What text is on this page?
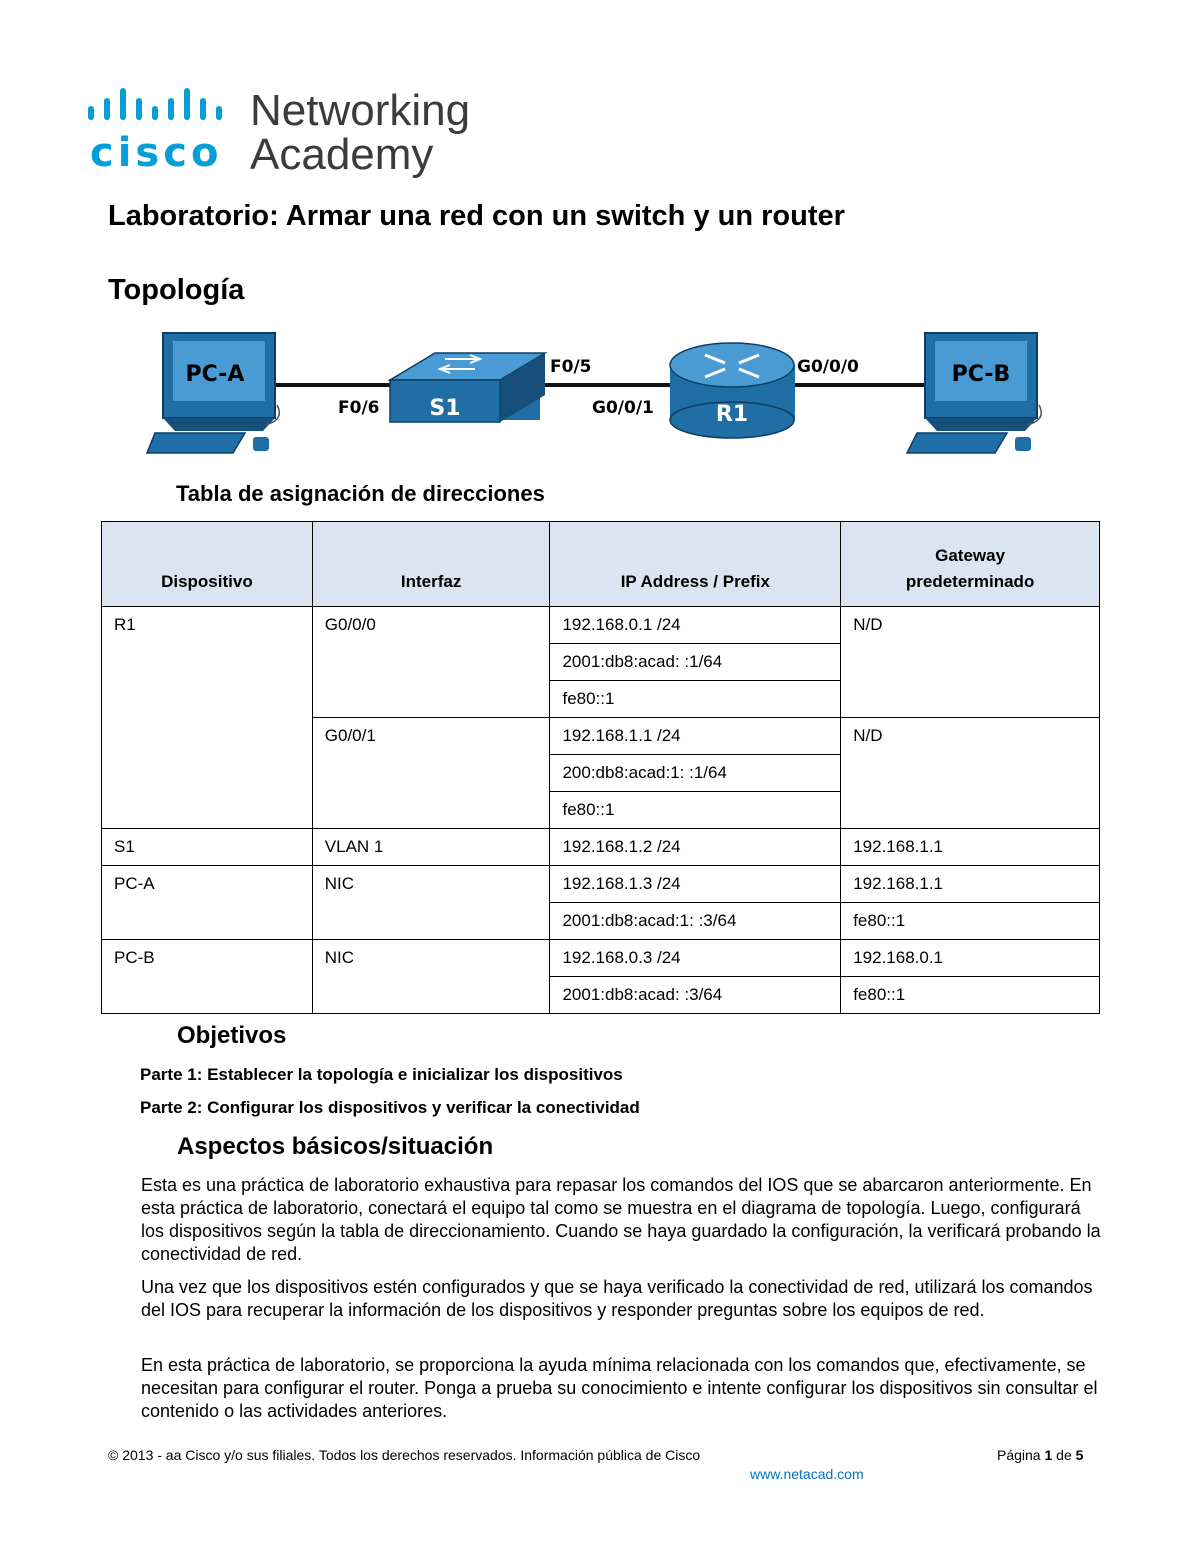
cisco
Networking
Academy
Laboratorio: Armar una red con un switch y un router
Topología
PC-A
S1	R1
PC-B
F0/6
F0/5
G0/0/1
G0/0/0
Tabla de asignación de direcciones
Dispositivo	Interfaz	IP Address / Prefix	Gateway
predeterminado
R1	G0/0/0	192.168.0.1 /24	N/D
		2001:db8:acad: :1/64	
		fe80::1	
	G0/0/1	192.168.1.1 /24	N/D
		200:db8:acad:1: :1/64	
		fe80::1	
S1	VLAN 1	192.168.1.2 /24	192.168.1.1
PC-A	NIC	192.168.1.3 /24	192.168.1.1
		2001:db8:acad:1: :3/64	fe80::1
PC-B	NIC	192.168.0.3 /24	192.168.0.1
		2001:db8:acad: :3/64	fe80::1
Objetivos
Parte 1: Establecer la topología e inicializar los dispositivos
Parte 2: Configurar los dispositivos y verificar la conectividad
Aspectos básicos/situación
Esta es una práctica de laboratorio exhaustiva para repasar los comandos del IOS que se abarcaron anteriormente. En esta práctica de laboratorio, conectará el equipo tal como se muestra en el diagrama de topología. Luego, configurará los dispositivos según la tabla de direccionamiento. Cuando se haya guardado la configuración, la verificará probando la conectividad de red.
Una vez que los dispositivos estén configurados y que se haya verificado la conectividad de red, utilizará los comandos del IOS para recuperar la información de los dispositivos y responder preguntas sobre los equipos de red.
En esta práctica de laboratorio, se proporciona la ayuda mínima relacionada con los comandos que, efectivamente, se necesitan para configurar el router. Ponga a prueba su conocimiento e intente configurar los dispositivos sin consultar el contenido o las actividades anteriores.
© 2013 - aa Cisco y/o sus filiales. Todos los derechos reservados. Información pública de Cisco	Página 1 de 5
www.netacad.com
